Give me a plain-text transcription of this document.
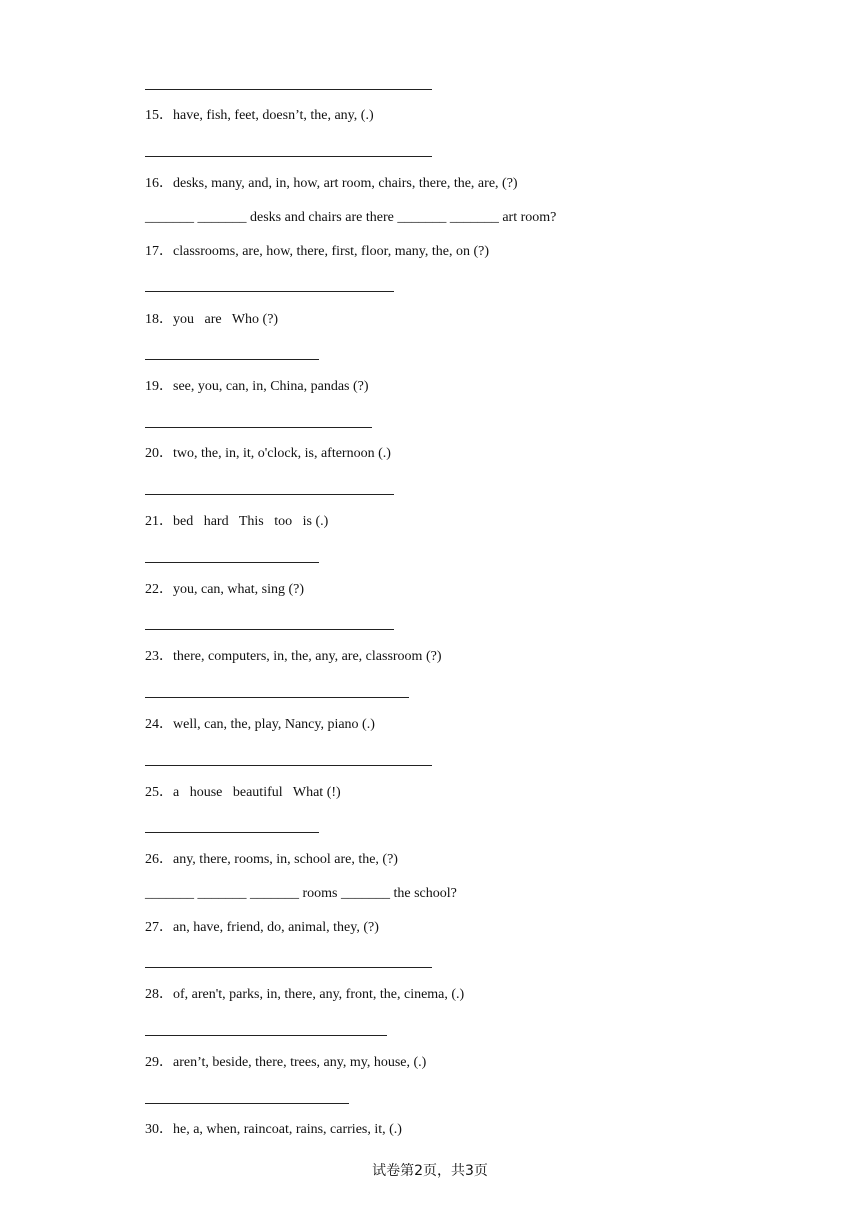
15．have, fish, feet, doesn’t, the, any, (.)
16．desks, many, and, in, how, art room, chairs, there, the, are, (?)
_______ _______ desks and chairs are there _______ _______ art room?
17．classrooms, are, how, there, first, floor, many, the, on (?)
18．you   are   Who (?)
19．see, you, can, in, China, pandas (?)
20．two, the, in, it, o'clock, is, afternoon (.)
21．bed   hard   This   too   is (.)
22．you, can, what, sing (?)
23．there, computers, in, the, any, are, classroom (?)
24．well, can, the, play, Nancy, piano (.)
25．a   house   beautiful   What (!)
26．any, there, rooms, in, school are, the, (?)
_______ _______ _______ rooms _______ the school?
27．an, have, friend, do, animal, they, (?)
28．of, aren't, parks, in, there, any, front, the, cinema, (.)
29．aren’t, beside, there, trees, any, my, house, (.)
30．he, a, when, raincoat, rains, carries, it, (.)
试卷第2页，共3页
